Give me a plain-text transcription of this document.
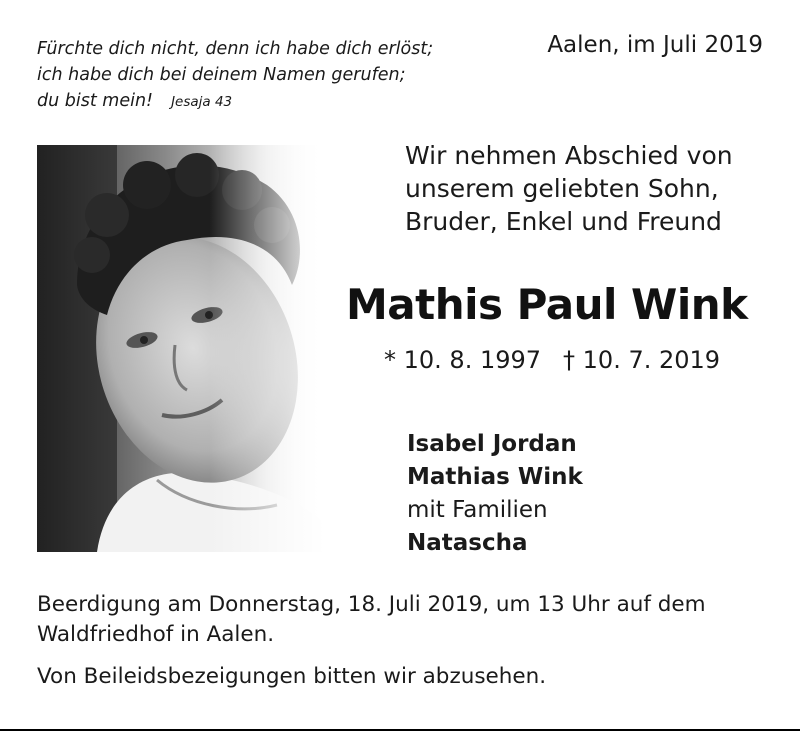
Fürchte dich nicht, denn ich habe dich erlöst;
ich habe dich bei deinem Namen gerufen;
du bist mein! Jesaja 43
Aalen, im Juli 2019
Wir nehmen Abschied von
unserem geliebten Sohn,
Bruder, Enkel und Freund
Mathis Paul Wink
* 10. 8. 1997 † 10. 7. 2019
Isabel Jordan
Mathias Wink
mit Familien
Natascha
Beerdigung am Donnerstag, 18. Juli 2019, um 13 Uhr auf dem
Waldfriedhof in Aalen.
Von Beileidsbezeigungen bitten wir abzusehen.
